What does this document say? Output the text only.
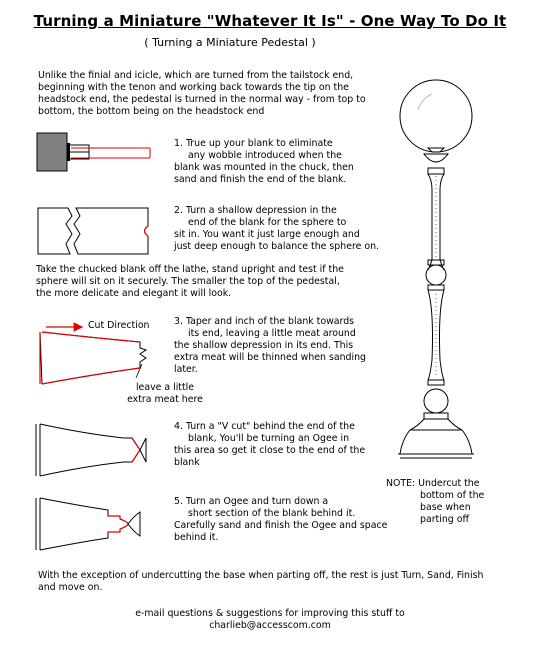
Turning a Miniature "Whatever It Is" - One Way To Do It
( Turning a Miniature Pedestal )
Unlike the finial and icicle, which are turned from the tailstock end,
beginning with the tenon and working back towards the tip on the
headstock end, the pedestal is turned in the normal way - from top to
bottom, the bottom being on the headstock end
1. True up your blank to eliminate
any wobble introduced when the
blank was mounted in the chuck, then
sand and finish the end of the blank.
2. Turn a shallow depression in the
end of the blank for the sphere to
sit in. You want it just large enough and
just deep enough to balance the sphere on.
Take the chucked blank off the lathe, stand upright and test if the
sphere will sit on it securely. The smaller the top of the pedestal,
the more delicate and elegant it will look.
Cut Direction
leave a little
extra meat here
3. Taper and inch of the blank towards
its end, leaving a little meat around
the shallow depression in its end. This
extra meat will be thinned when sanding
later.
4. Turn a "V cut" behind the end of the
blank, You'll be turning an Ogee in
this area so get it close to the end of the
blank
5. Turn an Ogee and turn down a
short section of the blank behind it.
Carefully sand and finish the Ogee and space
behind it.
NOTE: Undercut the
bottom of the
base when
parting off
With the exception of undercutting the base when parting off, the rest is just Turn, Sand, Finish
and move on.
e-mail questions & suggestions for improving this stuff to
charlieb@accesscom.com
